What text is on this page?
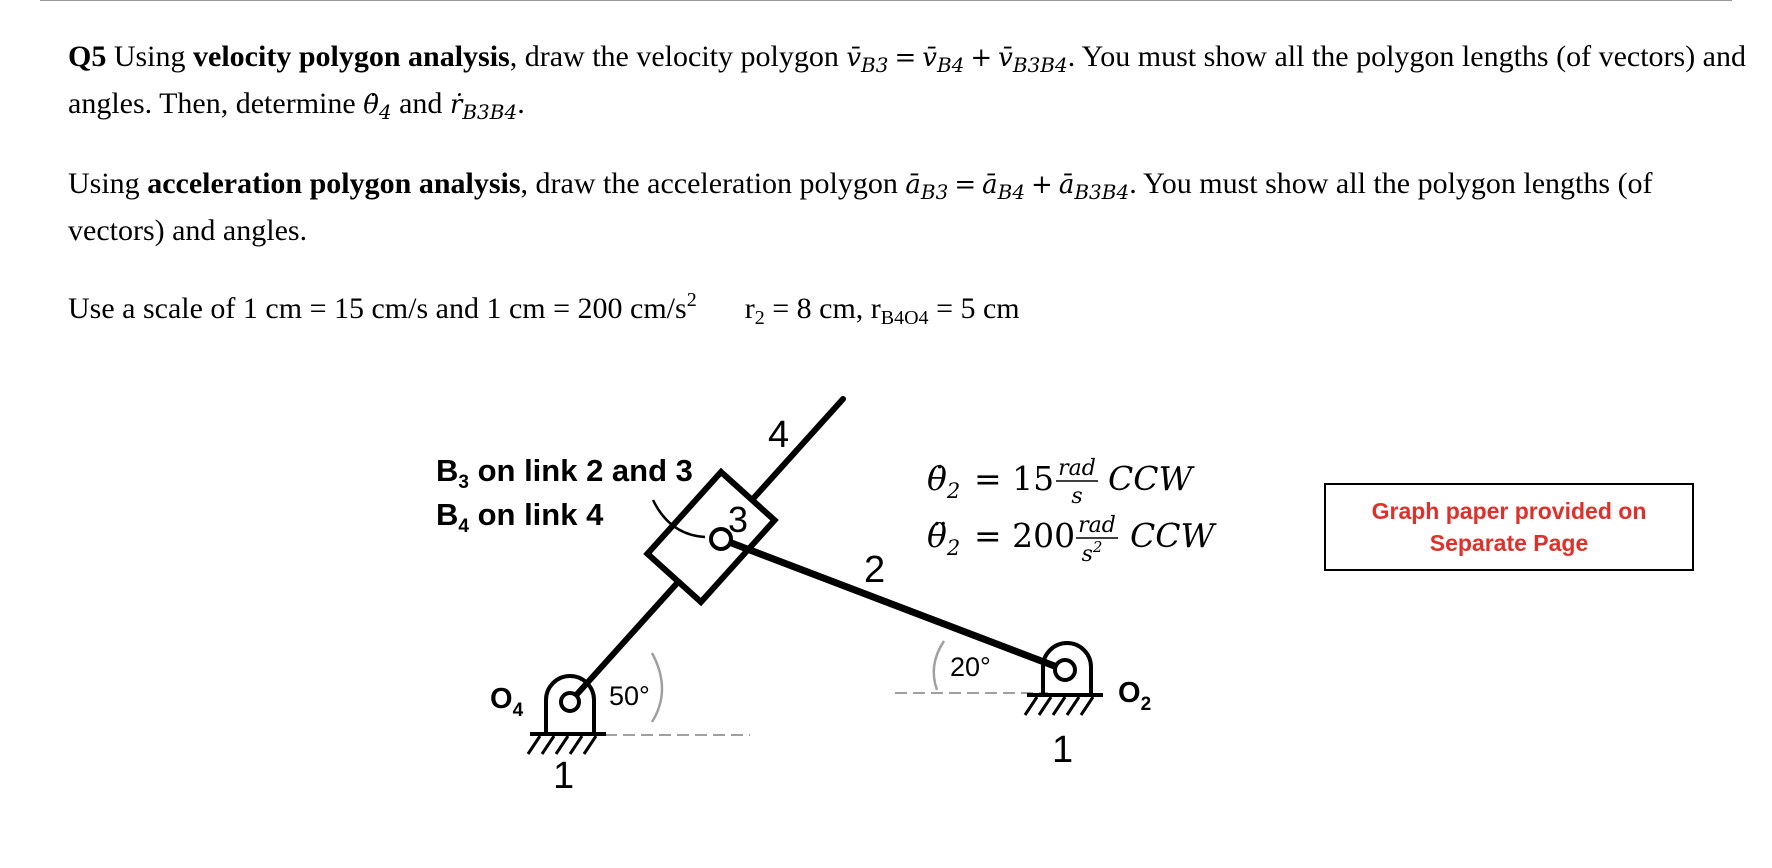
Q5 Using velocity polygon analysis, draw the velocity polygon $v̄_{B3}$ = $v̄_{B4}$ + $v̄_{B3B4}$. You must show all the polygon lengths (of vectors) and angles. Then, determine $\thetȧ_4$ and $ṙ_{B3B4}$.
Using acceleration polygon analysis, draw the acceleration polygon $ā_{B3}$ = $ā_{B4}$ + $ā_{B3B4}$. You must show all the polygon lengths (of vectors) and angles.
Use a scale of 1 cm = 15 cm/s and 1 cm = 200 $cm/s^2$ $r_2 = 8$ cm, $r_{B4O4} = 5$ cm
$B_3$ on link 2 and 3
$B_4$ on link 4
4
3
2
1
1
$O_4$
$O_2$
50°
20°
$\thetȧ_2 = 15$ rad
s CCW
$\thetä_2 = 200$ rad
$s^2$ CCW
Graph paper provided on
Separate Page
